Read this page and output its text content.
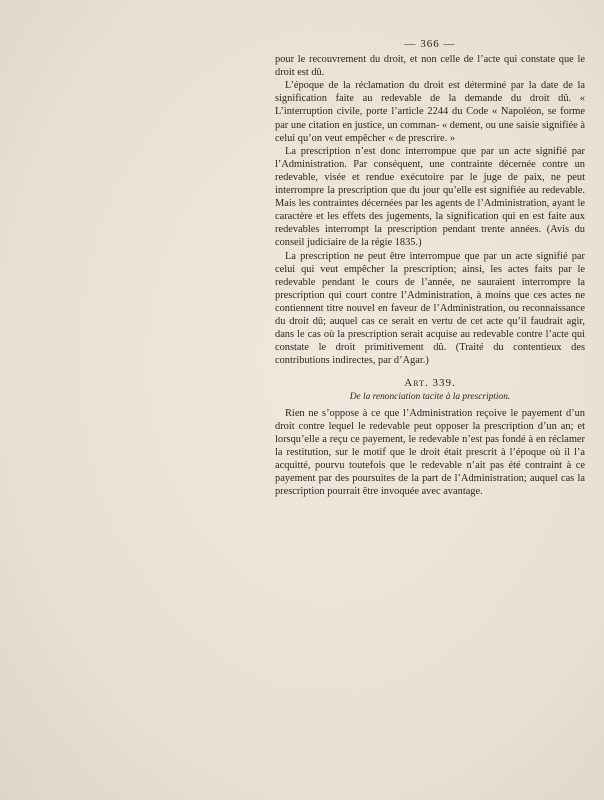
— 366 —

pour le recouvrement du droit, et non celle de l’acte qui constate que le droit est dû.

L’époque de la réclamation du droit est déterminé par la date de la signification faite au redevable de la demande du droit dû. « L’interruption civile, porte l’article 2244 du Code « Napoléon, se forme par une citation en justice, un comman- « dement, ou une saisie signifiée à celui qu’on veut empêcher « de prescrire. »

La prescription n’est donc interrompue que par un acte signifié par l’Administration. Par conséquent, une contrainte décernée contre un redevable, visée et rendue exécutoire par le juge de paix, ne peut interrompre la prescription que du jour qu’elle est signifiée au redevable. Mais les contraintes décernées par les agents de l’Administration, ayant le caractère et les effets des jugements, la signification qui en est faite aux redevables interrompt la prescription pendant trente années. (Avis du conseil judiciaire de la régie 1835.)

La prescription ne peut être interrompue que par un acte signifié par celui qui veut empêcher la prescription; ainsi, les actes faits par le redevable pendant le cours de l’année, ne sauraient interrompre la prescription qui court contre l’Administration, à moins que ces actes ne contiennent titre nouvel en faveur de l’Administration, ou reconnaissance du droit dû; auquel cas ce serait en vertu de cet acte qu’il faudrait agir, dans le cas où la prescription serait acquise au redevable contre l’acte qui constate le droit primitivement dû. (Traité du contentieux des contributions indirectes, par d’Agar.)

Art. 339.
De la renonciation tacite à la prescription.

Rien ne s’oppose à ce que l’Administration reçoive le payement d’un droit contre lequel le redevable peut opposer la prescription d’un an; et lorsqu’elle a reçu ce payement, le redevable n’est pas fondé à en réclamer la restitution, sur le motif que le droit était prescrit à l’époque où il l’a acquitté, pourvu toutefois que le redevable n’ait pas été contraint à ce payement par des poursuites de la part de l’Administration; auquel cas la prescription pourrait être invoquée avec avantage.
